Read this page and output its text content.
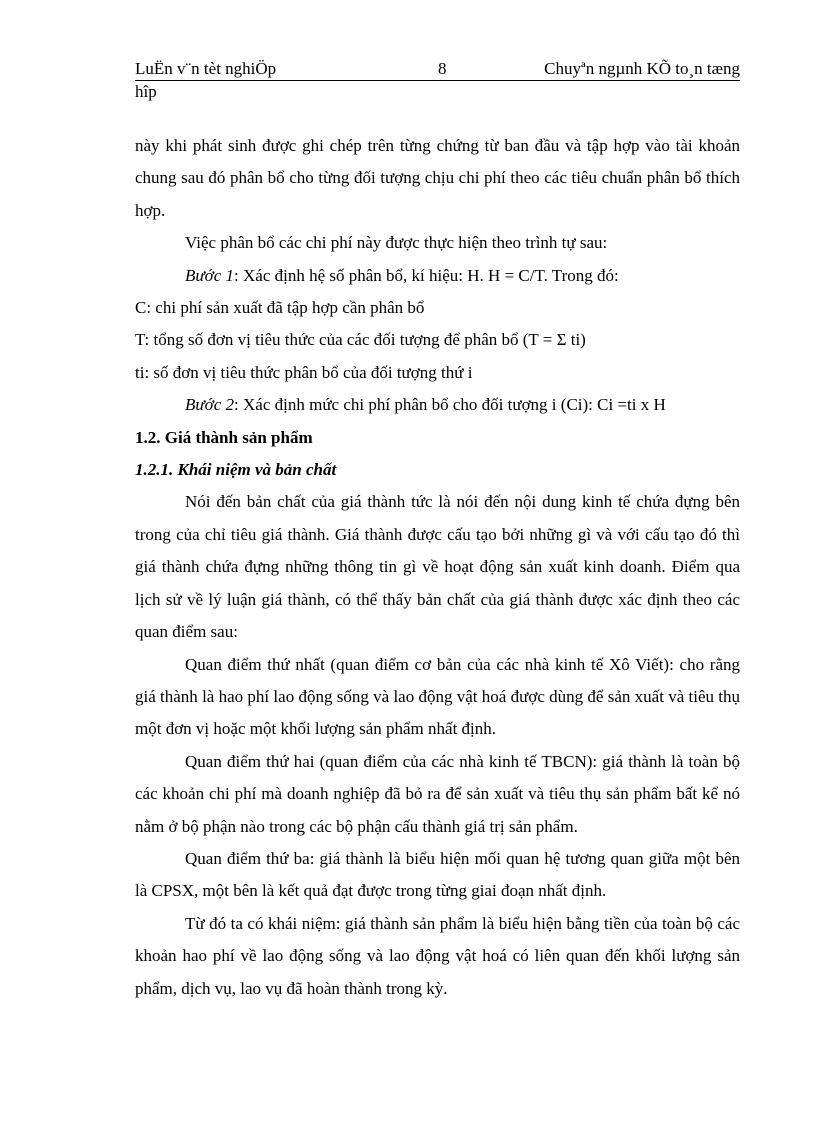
LuËn v¨n tèt nghiÖp	8	Chuyªn ngµnh KÕ to¸n tæng
hîp

này khi phát sinh được ghi chép trên từng chứng từ ban đầu và tập hợp vào tài khoản chung sau đó phân bổ cho từng đối tượng chịu chi phí theo các tiêu chuẩn phân bổ thích hợp.

Việc phân bổ các chi phí này được thực hiện theo trình tự sau:

Bước 1: Xác định hệ số phân bổ, kí hiệu: H. H = C/T. Trong đó:

C: chi phí sản xuất đã tập hợp cần phân bổ

T: tổng số đơn vị tiêu thức của các đối tượng để phân bổ (T = Σ ti)

ti: số đơn vị tiêu thức phân bổ của đối tượng thứ i

Bước 2: Xác định mức chi phí phân bổ cho đối tượng i (Ci): Ci =ti x H

1.2. Giá thành sản phẩm

1.2.1. Khái niệm và bản chất

Nói đến bản chất của giá thành tức là nói đến nội dung kinh tế chứa đựng bên trong của chỉ tiêu giá thành. Giá thành được cấu tạo bởi những gì và với cấu tạo đó thì giá thành chứa đựng những thông tin gì về hoạt động sản xuất kinh doanh. Điểm qua lịch sử về lý luận giá thành, có thể thấy bản chất của giá thành được xác định theo các quan điểm sau:

Quan điểm thứ nhất (quan điểm cơ bản của các nhà kinh tế Xô Viết): cho rằng giá thành là hao phí lao động sống và lao động vật hoá được dùng để sản xuất và tiêu thụ một đơn vị hoặc một khối lượng sản phẩm nhất định.

Quan điểm thứ hai (quan điểm của các nhà kinh tế TBCN): giá thành là toàn bộ các khoản chi phí mà doanh nghiệp đã bỏ ra để sản xuất và tiêu thụ sản phẩm bất kể nó nằm ở bộ phận nào trong các bộ phận cấu thành giá trị sản phẩm.

Quan điểm thứ ba: giá thành là biểu hiện mối quan hệ tương quan giữa một bên là CPSX, một bên là kết quả đạt được trong từng giai đoạn nhất định.

Từ đó ta có khái niệm: giá thành sản phẩm là biểu hiện bằng tiền của toàn bộ các khoản hao phí về lao động sống và lao động vật hoá có liên quan đến khối lượng sản phẩm, dịch vụ, lao vụ đã hoàn thành trong kỳ.
